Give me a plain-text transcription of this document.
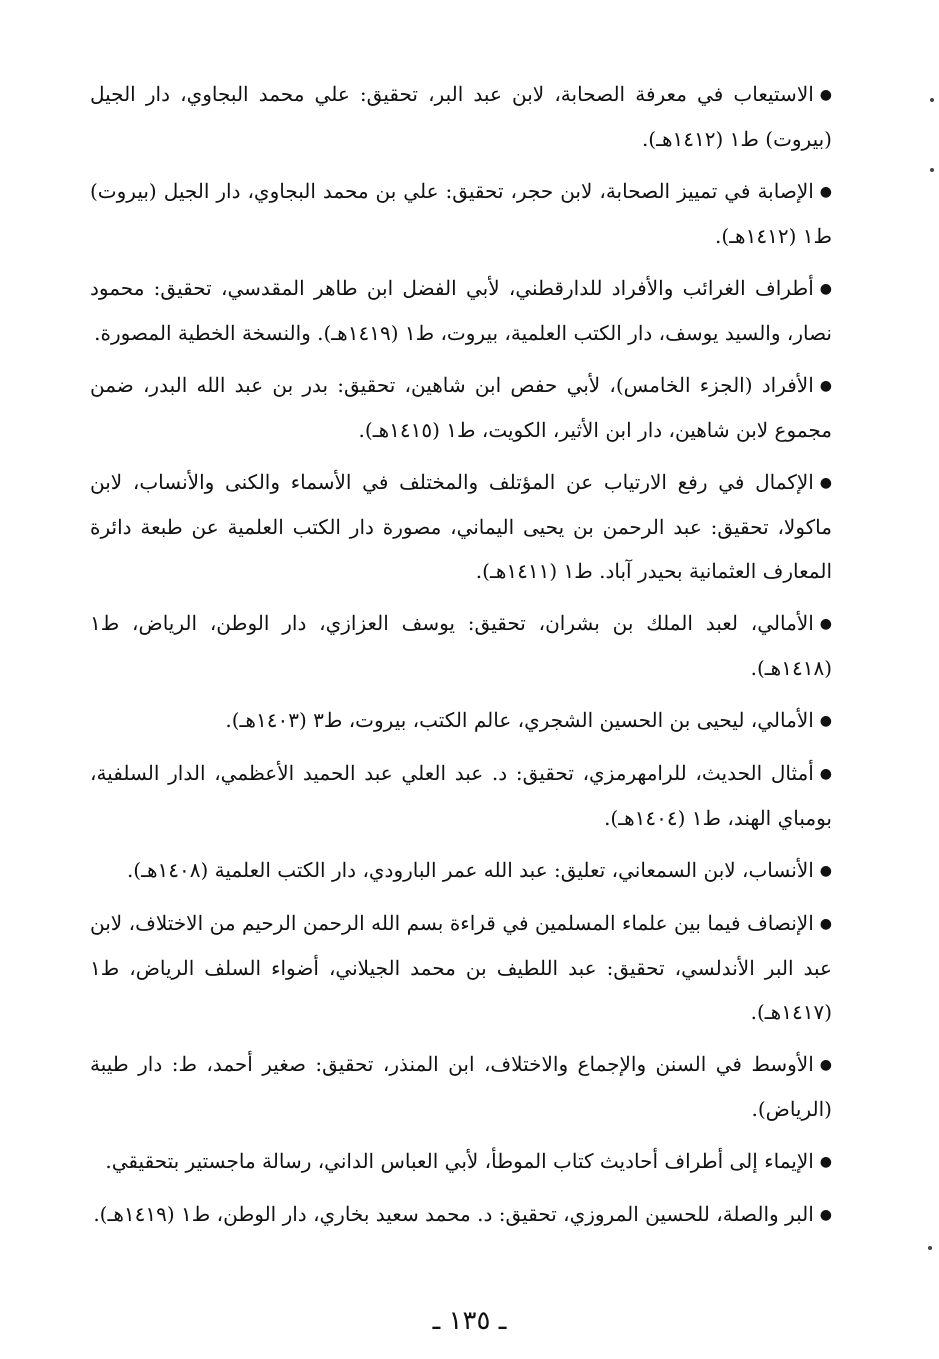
●الاستيعاب في معرفة الصحابة، لابن عبد البر، تحقيق: علي محمد البجاوي، دار الجيل (بيروت) ط١ (١٤١٢هـ).

●الإصابة في تمييز الصحابة، لابن حجر، تحقيق: علي بن محمد البجاوي، دار الجيل (بيروت) ط١ (١٤١٢هـ).

●أطراف الغرائب والأفراد للدارقطني، لأبي الفضل ابن طاهر المقدسي، تحقيق: محمود نصار، والسيد يوسف، دار الكتب العلمية، بيروت، ط١ (١٤١٩هـ). والنسخة الخطية المصورة.

●الأفراد (الجزء الخامس)، لأبي حفص ابن شاهين، تحقيق: بدر بن عبد الله البدر، ضمن مجموع لابن شاهين، دار ابن الأثير، الكويت، ط١ (١٤١٥هـ).

●الإكمال في رفع الارتياب عن المؤتلف والمختلف في الأسماء والكنى والأنساب، لابن ماكولا، تحقيق: عبد الرحمن بن يحيى اليماني، مصورة دار الكتب العلمية عن طبعة دائرة المعارف العثمانية بحيدر آباد. ط١ (١٤١١هـ).

●الأمالي، لعبد الملك بن بشران، تحقيق: يوسف العزازي، دار الوطن، الرياض، ط١ (١٤١٨هـ).

●الأمالي، ليحيى بن الحسين الشجري، عالم الكتب، بيروت، ط٣ (١٤٠٣هـ).

●أمثال الحديث، للرامهرمزي، تحقيق: د. عبد العلي عبد الحميد الأعظمي، الدار السلفية، بومباي الهند، ط١ (١٤٠٤هـ).

●الأنساب، لابن السمعاني، تعليق: عبد الله عمر البارودي، دار الكتب العلمية (١٤٠٨هـ).

●الإنصاف فيما بين علماء المسلمين في قراءة بسم الله الرحمن الرحيم من الاختلاف، لابن عبد البر الأندلسي، تحقيق: عبد اللطيف بن محمد الجيلاني، أضواء السلف الرياض، ط١ (١٤١٧هـ).

●الأوسط في السنن والإجماع والاختلاف، ابن المنذر، تحقيق: صغير أحمد، ط: دار طيبة (الرياض).

●الإيماء إلى أطراف أحاديث كتاب الموطأ، لأبي العباس الداني، رسالة ماجستير بتحقيقي.

●البر والصلة، للحسين المروزي، تحقيق: د. محمد سعيد بخاري، دار الوطن، ط١ (١٤١٩هـ).

ـ ١٣٥ ـ
